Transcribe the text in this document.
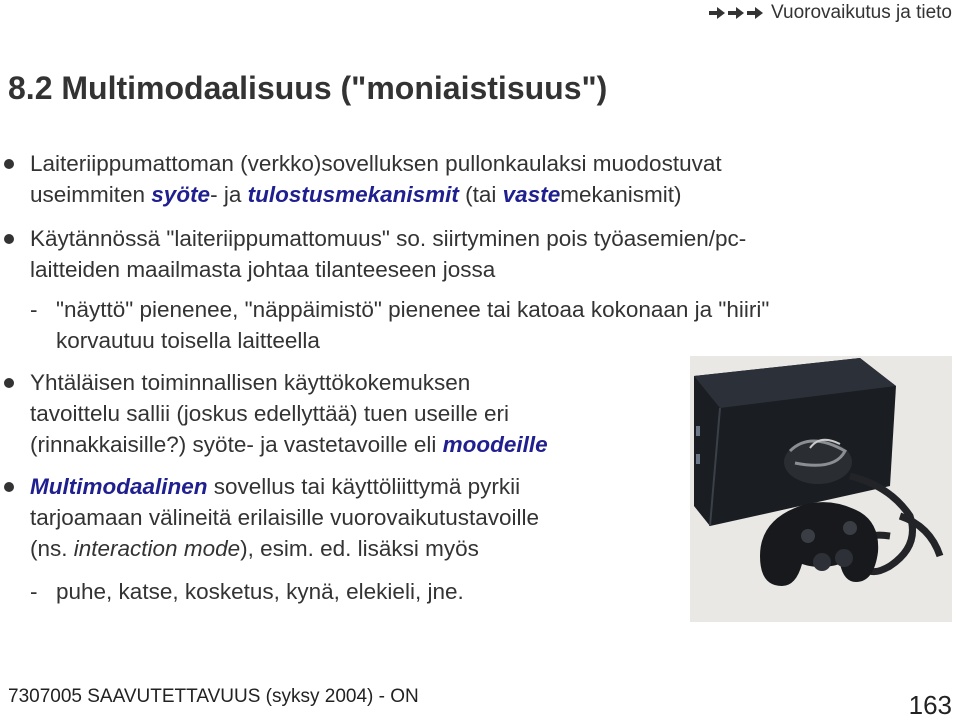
Vuorovaikutus ja tieto
8.2 Multimodaalisuus ("moniaistisuus")
Laiteriippumattoman (verkko)sovelluksen pullonkaulaksi muodostuvat
useimmiten syöte- ja tulostusmekanismit (tai vastemekanismit)
Käytännössä "laiteriippumattomuus" so. siirtyminen pois työasemien/pc-
laitteiden maailmasta johtaa tilanteeseen jossa
- "näyttö" pienenee, "näppäimistö" pienenee tai katoaa kokonaan ja "hiiri"
korvautuu toisella laitteella
Yhtäläisen toiminnallisen käyttökokemuksen
tavoittelu sallii (joskus edellyttää) tuen useille eri
(rinnakkaisille?) syöte- ja vastetavoille eli moodeille
Multimodaalinen sovellus tai käyttöliittymä pyrkii
tarjoamaan välineitä erilaisille vuorovaikutustavoille
(ns. interaction mode), esim. ed. lisäksi myös
- puhe, katse, kosketus, kynä, elekieli, jne.
7307005 SAAVUTETTAVUUS (syksy 2004) - ON	163
